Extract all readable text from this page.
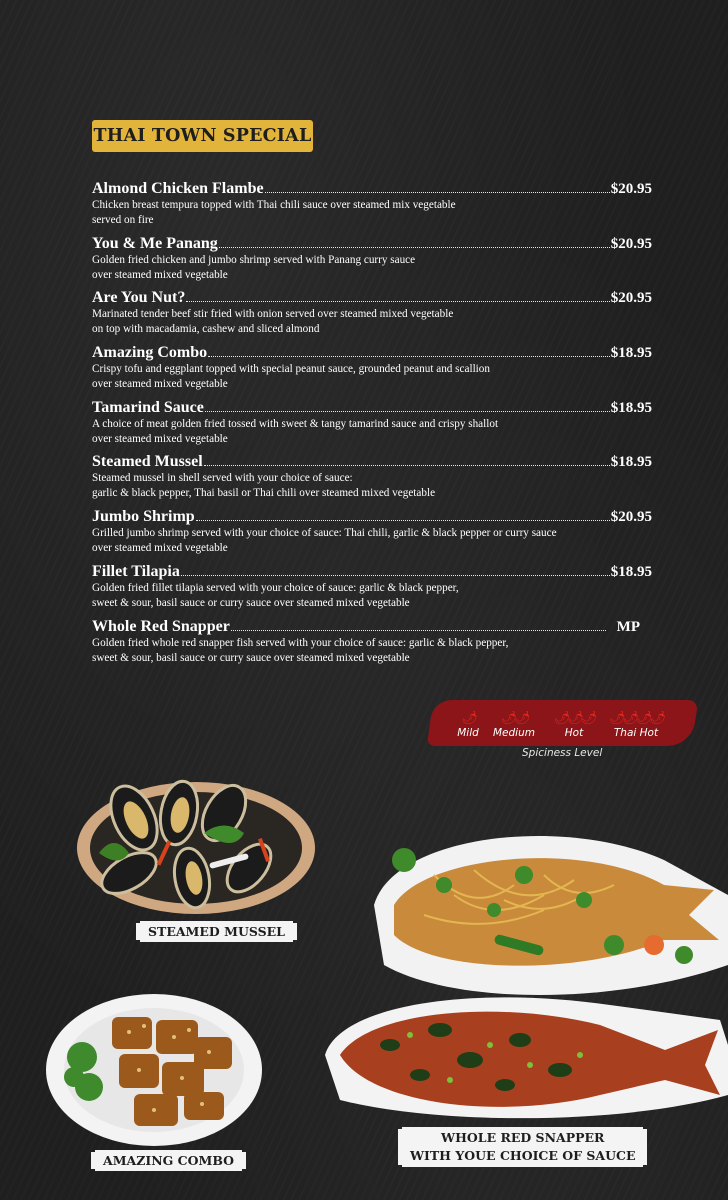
THAI TOWN SPECIAL
Almond Chicken Flambe	$20.95
Chicken breast tempura topped with Thai chili sauce over steamed mix vegetable
served on fire
You & Me Panang	$20.95
Golden fried chicken and jumbo shrimp served with Panang curry sauce
over steamed mixed vegetable
Are You Nut?	$20.95
Marinated tender beef stir fried with onion served over steamed mixed vegetable
on top with macadamia, cashew and sliced almond
Amazing Combo	$18.95
Crispy tofu and eggplant topped with special peanut sauce, grounded peanut and scallion
over steamed mixed vegetable
Tamarind Sauce	$18.95
A choice of meat golden fried tossed with sweet & tangy tamarind sauce and crispy shallot
over steamed mixed vegetable
Steamed Mussel	$18.95
Steamed mussel in shell served with your choice of sauce:
garlic & black pepper, Thai basil or Thai chili over steamed mixed vegetable
Jumbo Shrimp	$20.95
Grilled jumbo shrimp served with your choice of sauce: Thai chili, garlic & black pepper or curry sauce
over steamed mixed vegetable
Fillet Tilapia	$18.95
Golden fried fillet tilapia served with your choice of sauce: garlic & black pepper,
sweet & sour, basil sauce or curry sauce over steamed mixed vegetable
Whole Red Snapper	MP
Golden fried whole red snapper fish served with your choice of sauce: garlic & black pepper,
sweet & sour, basil sauce or curry sauce over steamed mixed vegetable
🌶
Mild
🌶🌶
Medium
🌶🌶🌶
Hot
🌶🌶🌶🌶
Thai Hot
Spiciness Level
STEAMED MUSSEL
AMAZING COMBO
WHOLE RED SNAPPER
WITH YOUE CHOICE OF SAUCE
